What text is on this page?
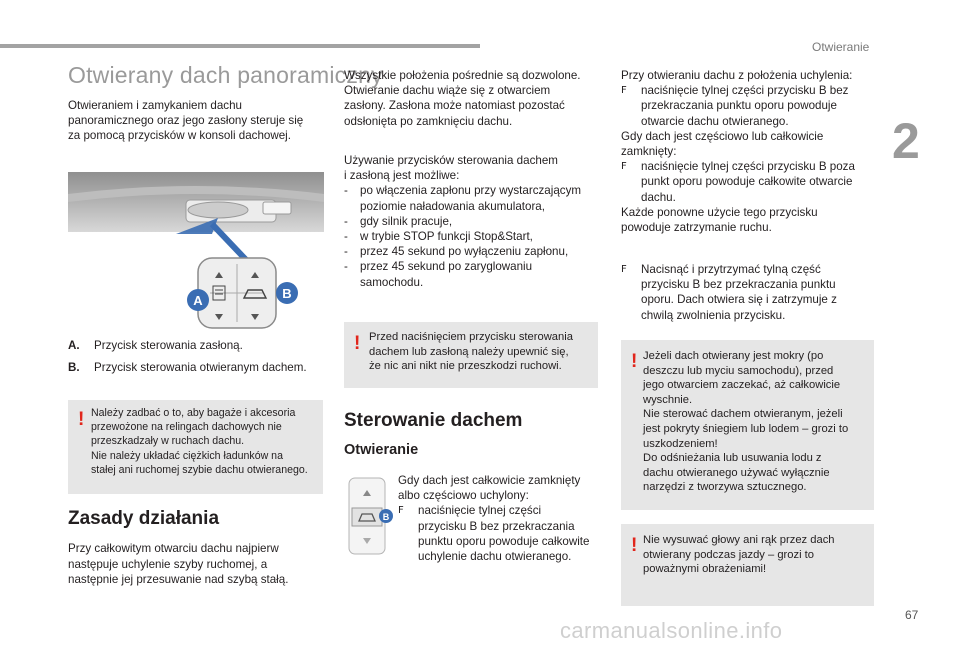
Otwieranie
2
Otwierany dach panoramiczny

Otwieraniem i zamykaniem dachu

panoramicznego oraz jego zasłony steruje się

za pomocą przycisków w konsoli dachowej.

A	B
A.	Przycisk sterowania zasłoną.
B.	Przycisk sterowania otwieranym dachem.
! Należy zadbać o to, aby bagaże i akcesoria

przewożone na relingach dachowych nie

przeszkadzały w ruchach dachu.

Nie należy układać ciężkich ładunków na

stałej ani ruchomej szybie dachu otwieranego.

Zasady działania

Przy całkowitym otwarciu dachu najpierw

następuje uchylenie szyby ruchomej, a

następnie jej przesuwanie nad szybą stałą.

Wszystkie położenia pośrednie są dozwolone.

Otwieranie dachu wiąże się z otwarciem

zasłony. Zasłona może natomiast pozostać

odsłonięta po zamknięciu dachu.

Używanie przycisków sterowania dachem

i zasłoną jest możliwe:

-	po włączenia zapłonu przy wystarczającym

poziomie naładowania akumulatora,

-	gdy silnik pracuje,

-	w trybie STOP funkcji Stop&Start,

-	przez 45 sekund po wyłączeniu zapłonu,

-	przez 45 sekund po zaryglowaniu

samochodu.

! Przed naciśnięciem przycisku sterowania

dachem lub zasłoną należy upewnić się,

że nic ani nikt nie przeszkodzi ruchowi.

Sterowanie dachem
Otwieranie
B

Gdy dach jest całkowicie zamknięty

albo częściowo uchylony:

F	naciśnięcie tylnej części

przycisku B bez przekraczania

punktu oporu powoduje całkowite

uchylenie dachu otwieranego.

Przy otwieraniu dachu z położenia uchylenia:

F	naciśnięcie tylnej części przycisku B bez

przekraczania punktu oporu powoduje

otwarcie dachu otwieranego.

Gdy dach jest częściowo lub całkowicie

zamknięty:

F	naciśnięcie tylnej części przycisku B poza

punkt oporu powoduje całkowite otwarcie

dachu.

Każde ponowne użycie tego przycisku

powoduje zatrzymanie ruchu.

F	Nacisnąć i przytrzymać tylną część

przycisku B bez przekraczania punktu

oporu. Dach otwiera się i zatrzymuje z

chwilą zwolnienia przycisku.

! Jeżeli dach otwierany jest mokry (po

deszczu lub myciu samochodu), przed

jego otwarciem zaczekać, aż całkowicie

wyschnie.

Nie sterować dachem otwieranym, jeżeli

jest pokryty śniegiem lub lodem – grozi to

uszkodzeniem!

Do odśnieżania lub usuwania lodu z

dachu otwieranego używać wyłącznie

narzędzi z tworzywa sztucznego.

! Nie wysuwać głowy ani rąk przez dach

otwierany podczas jazdy – grozi to

poważnymi obrażeniami!

67
carmanualsonline.info
